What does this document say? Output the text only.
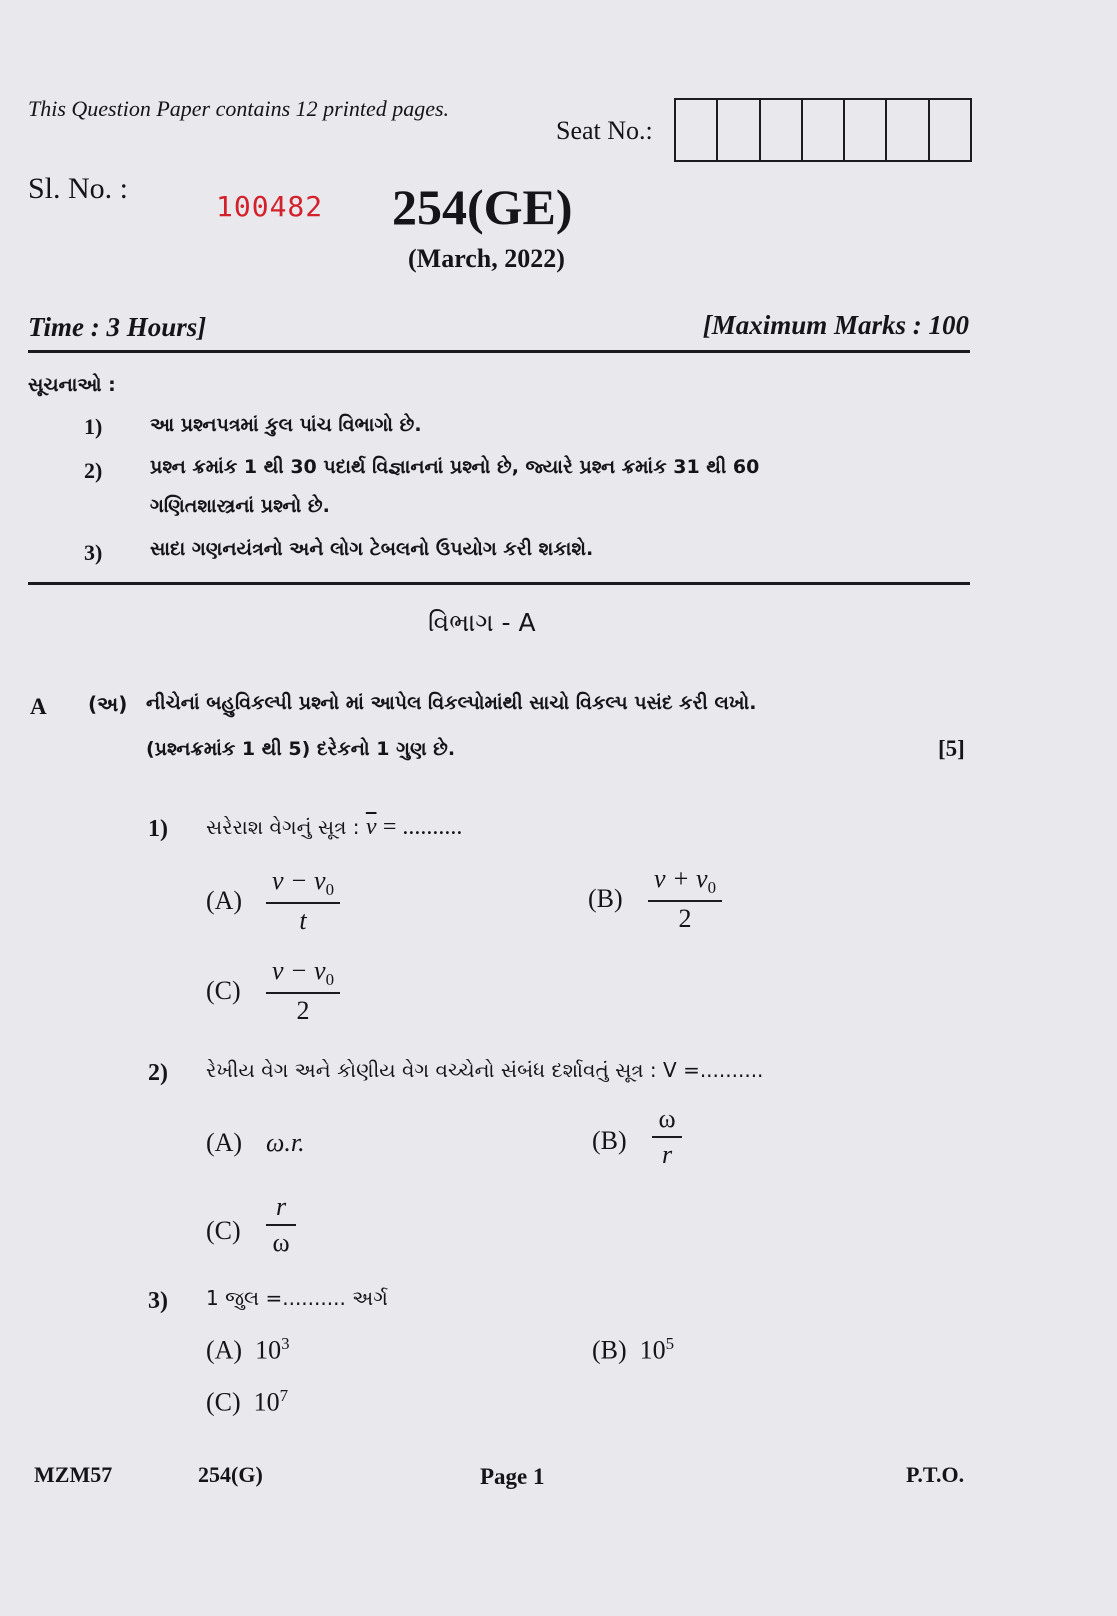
This Question Paper contains 12 printed pages.
Seat No.:
Sl. No. :
100482 254(GE)
(March, 2022)
Time : 3 Hours]	[Maximum Marks : 100
સૂચનાઓ :
1)	આ પ્રશ્નપત્રમાં કુલ પાંચ વિભાગો છે.
2)	પ્રશ્ન ક્રમાંક 1 થી 30 પદાર્થ વિજ્ઞાનનાં પ્રશ્નો છે, જ્યારે પ્રશ્ન ક્રમાંક 31 થી 60
ગણિતશાસ્ત્રનાં પ્રશ્નો છે.
3)	સાદા ગણનયંત્રનો અને લોગ ટેબલનો ઉપયોગ કરી શકાશે.
વિભાગ - A
A (અ) નીચેનાં બહુવિકલ્પી પ્રશ્નો માં આપેલ વિકલ્પોમાંથી સાચો વિકલ્પ પસંદ કરી લખો.
(પ્રશ્નક્રમાંક 1 થી 5) દરેકનો 1 ગુણ છે.	[5]
1) સરેરાશ વેગનું સૂત્ર : $\overline{v}$ = ..........
(A)
$v - v_0$
t
(B)
$v + v_0$
2
(C)
$v - v_0$
2
2) રેખીય વેગ અને કોણીય વેગ વચ્ચેનો સંબંધ દર્શાવતું સૂત્ર : V =..........
(A) ω.r.	(B)
ω
r
(C)
r
ω
3) 1 જુલ =.......... અર્ગ
(A) $10^3$	(B) $10^5$
(C) $10^7$
MZM57	254(G)	Page 1	P.T.O.
